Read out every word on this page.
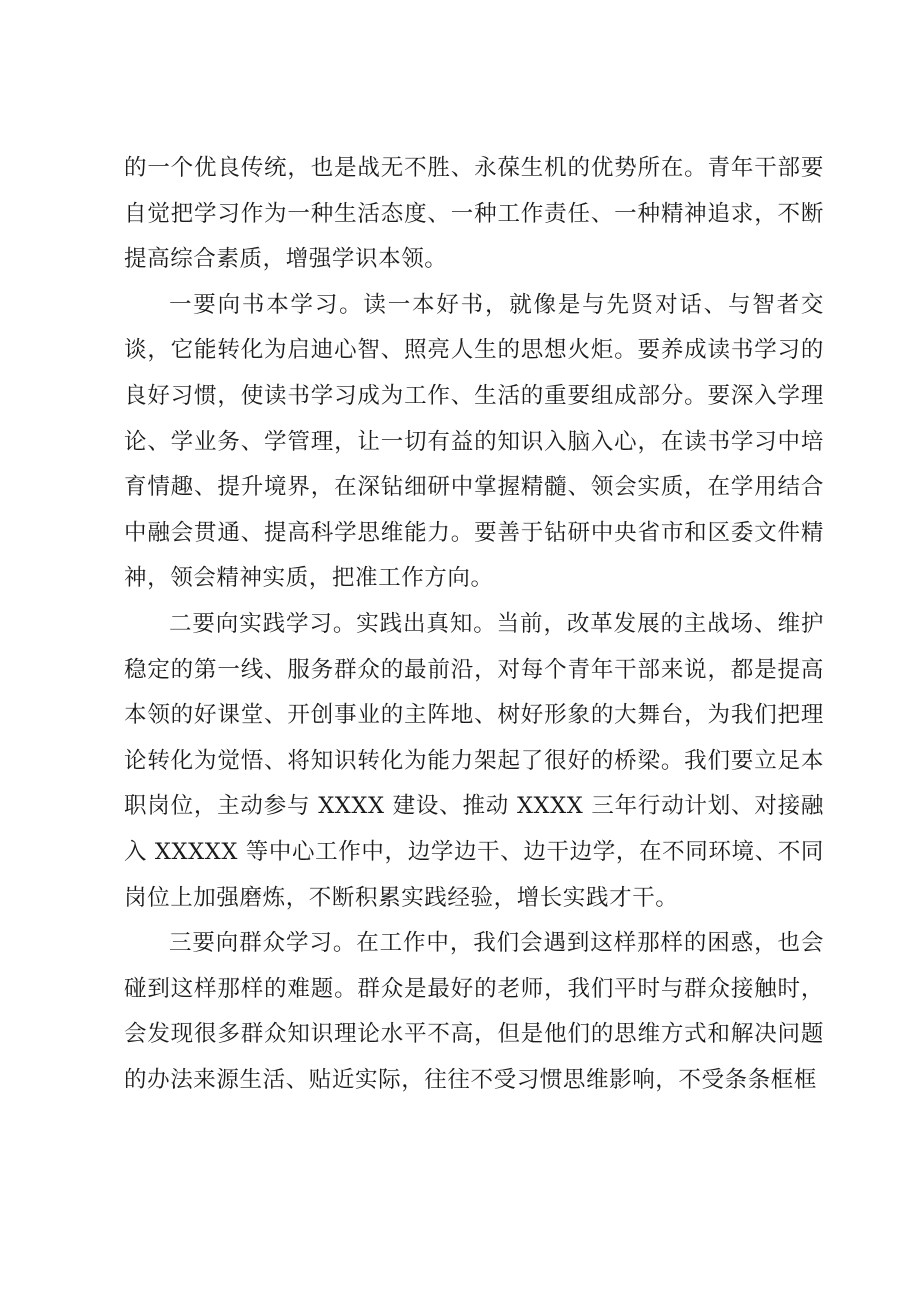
的一个优良传统，也是战无不胜、永葆生机的优势所在。青年干部要自觉把学习作为一种生活态度、一种工作责任、一种精神追求，不断提高综合素质，增强学识本领。

一要向书本学习。读一本好书，就像是与先贤对话、与智者交谈，它能转化为启迪心智、照亮人生的思想火炬。要养成读书学习的良好习惯，使读书学习成为工作、生活的重要组成部分。要深入学理论、学业务、学管理，让一切有益的知识入脑入心，在读书学习中培育情趣、提升境界，在深钻细研中掌握精髓、领会实质，在学用结合中融会贯通、提高科学思维能力。要善于钻研中央省市和区委文件精神，领会精神实质，把准工作方向。

二要向实践学习。实践出真知。当前，改革发展的主战场、维护稳定的第一线、服务群众的最前沿，对每个青年干部来说，都是提高本领的好课堂、开创事业的主阵地、树好形象的大舞台，为我们把理论转化为觉悟、将知识转化为能力架起了很好的桥梁。我们要立足本职岗位，主动参与 XXXX 建设、推动 XXXX 三年行动计划、对接融入 XXXXX 等中心工作中，边学边干、边干边学，在不同环境、不同岗位上加强磨炼，不断积累实践经验，增长实践才干。

三要向群众学习。在工作中，我们会遇到这样那样的困惑，也会碰到这样那样的难题。群众是最好的老师，我们平时与群众接触时，会发现很多群众知识理论水平不高，但是他们的思维方式和解决问题的办法来源生活、贴近实际，往往不受习惯思维影响，不受条条框框
